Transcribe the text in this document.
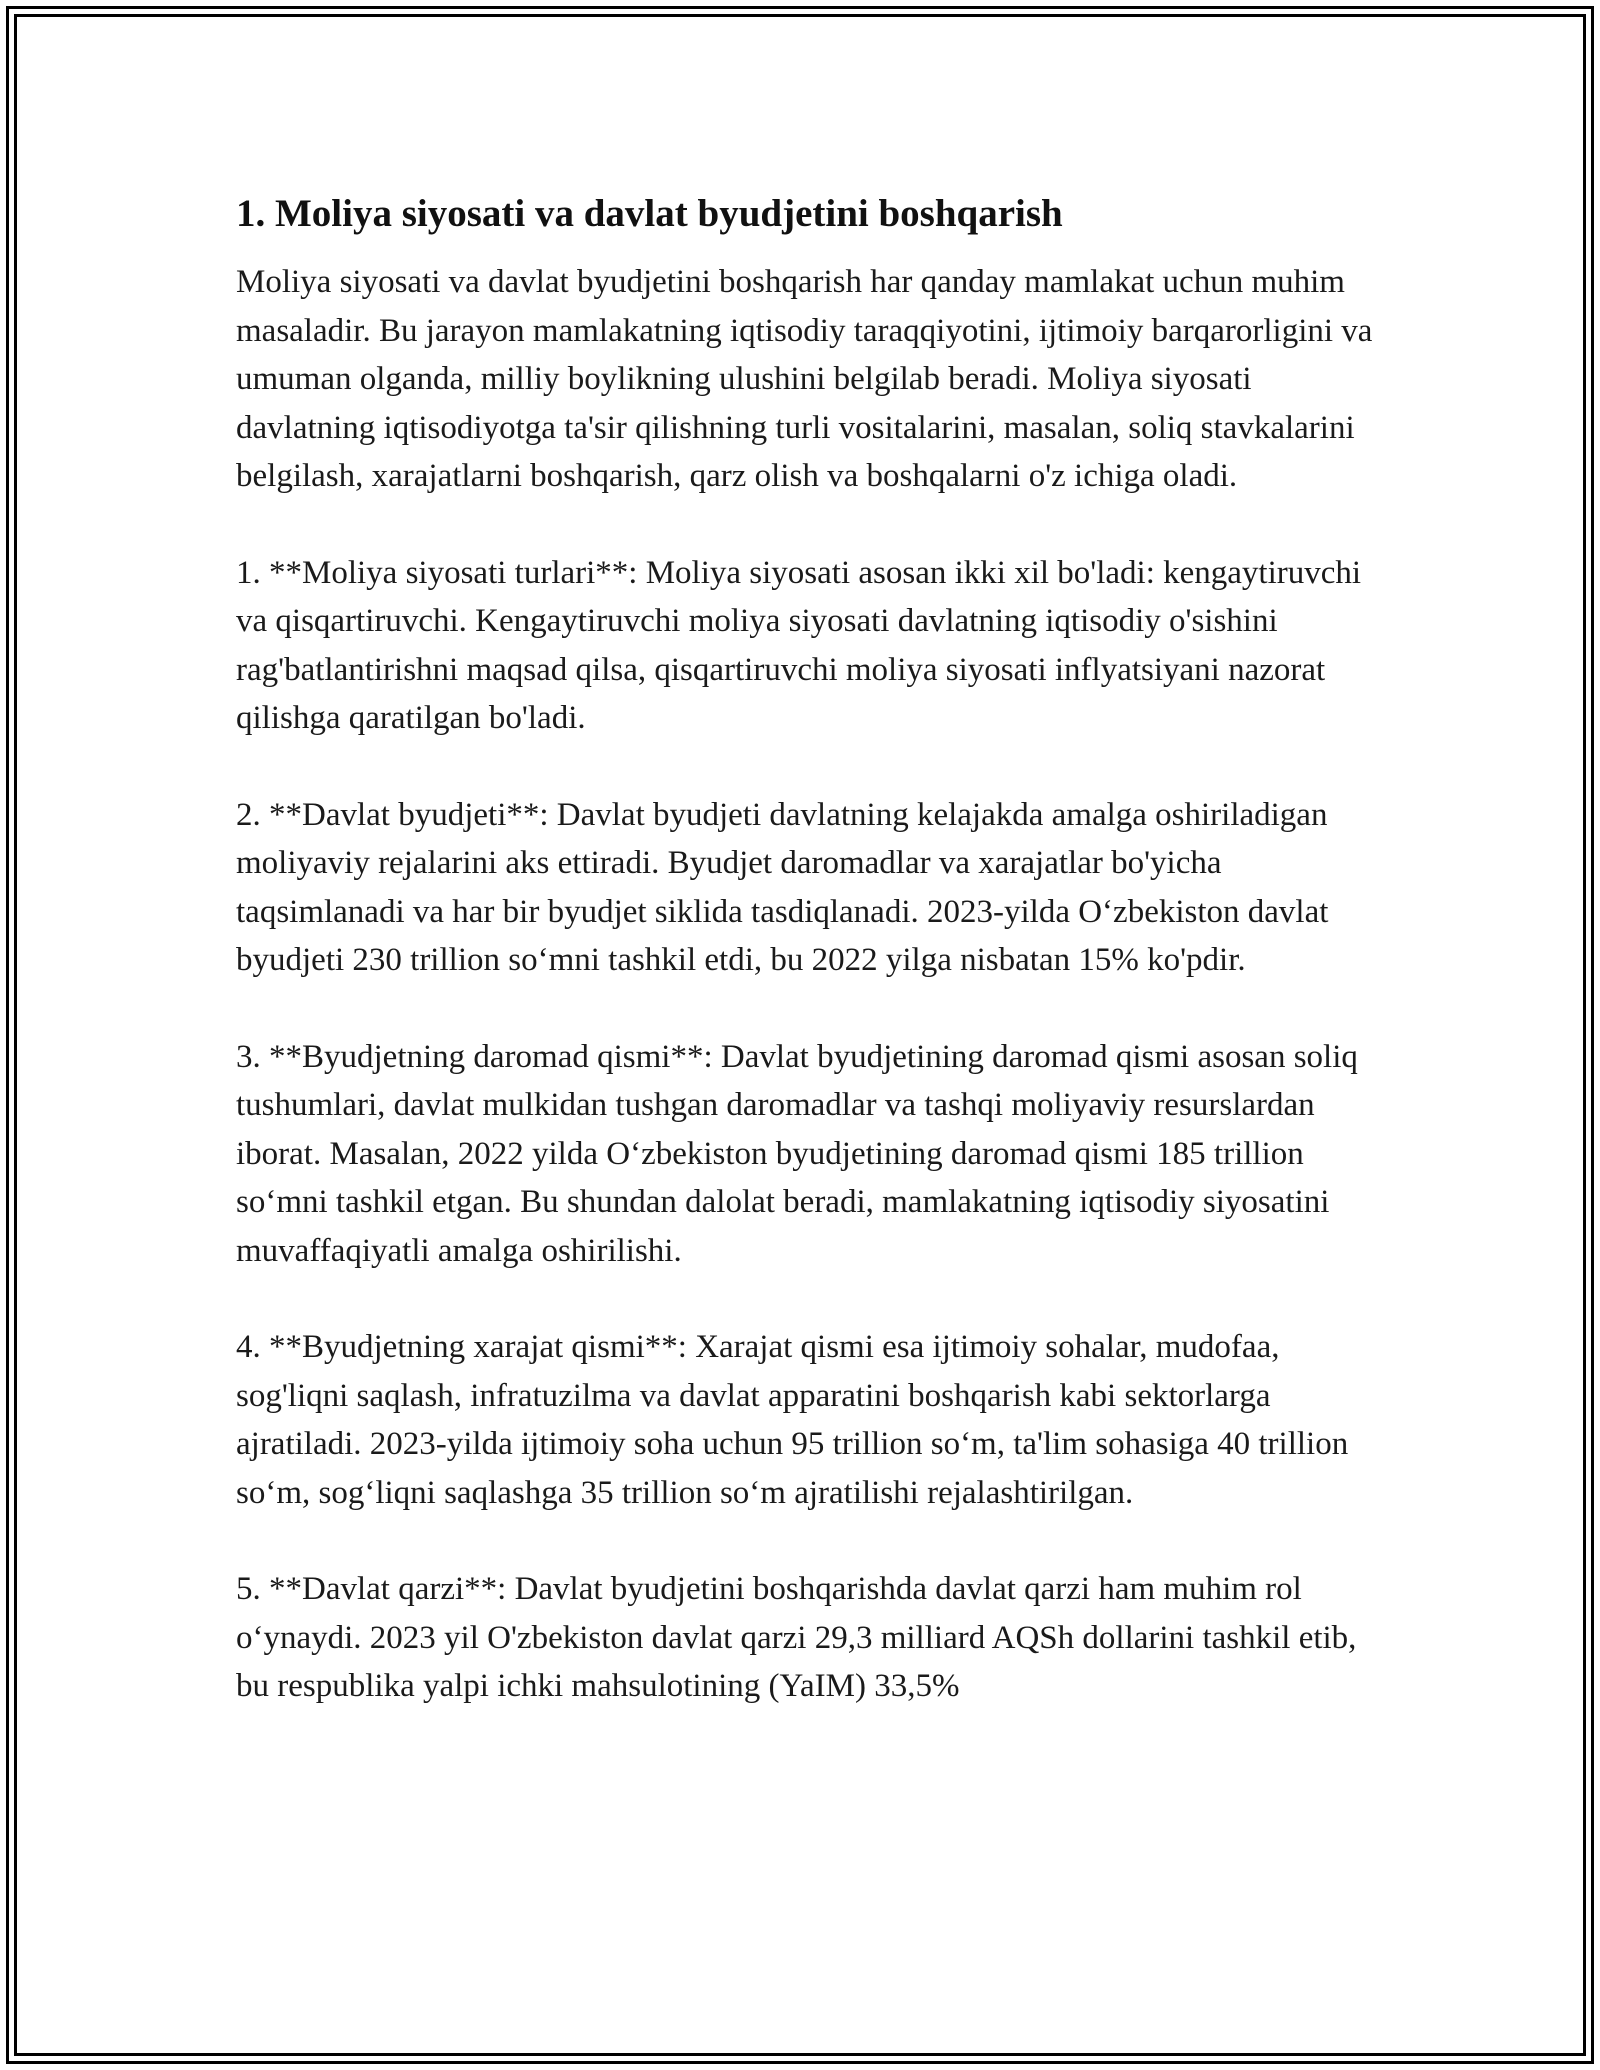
1. Moliya siyosati va davlat byudjetini boshqarish

Moliya siyosati va davlat byudjetini boshqarish har qanday mamlakat uchun muhim masaladir. Bu jarayon mamlakatning iqtisodiy taraqqiyotini, ijtimoiy barqarorligini va umuman olganda, milliy boylikning ulushini belgilab beradi. Moliya siyosati davlatning iqtisodiyotga ta'sir qilishning turli vositalarini, masalan, soliq stavkalarini belgilash, xarajatlarni boshqarish, qarz olish va boshqalarni o'z ichiga oladi.

1. **Moliya siyosati turlari**: Moliya siyosati asosan ikki xil bo'ladi: kengaytiruvchi va qisqartiruvchi. Kengaytiruvchi moliya siyosati davlatning iqtisodiy o'sishini rag'batlantirishni maqsad qilsa, qisqartiruvchi moliya siyosati inflyatsiyani nazorat qilishga qaratilgan bo'ladi.

2. **Davlat byudjeti**: Davlat byudjeti davlatning kelajakda amalga oshiriladigan moliyaviy rejalarini aks ettiradi. Byudjet daromadlar va xarajatlar bo'yicha taqsimlanadi va har bir byudjet siklida tasdiqlanadi. 2023-yilda O‘zbekiston davlat byudjeti 230 trillion so‘mni tashkil etdi, bu 2022 yilga nisbatan 15% ko'pdir.

3. **Byudjetning daromad qismi**: Davlat byudjetining daromad qismi asosan soliq tushumlari, davlat mulkidan tushgan daromadlar va tashqi moliyaviy resurslardan iborat. Masalan, 2022 yilda O‘zbekiston byudjetining daromad qismi 185 trillion so‘mni tashkil etgan. Bu shundan dalolat beradi, mamlakatning iqtisodiy siyosatini muvaffaqiyatli amalga oshirilishi.

4. **Byudjetning xarajat qismi**: Xarajat qismi esa ijtimoiy sohalar, mudofaa, sog'liqni saqlash, infratuzilma va davlat apparatini boshqarish kabi sektorlarga ajratiladi. 2023-yilda ijtimoiy soha uchun 95 trillion so‘m, ta'lim sohasiga 40 trillion so‘m, sog‘liqni saqlashga 35 trillion so‘m ajratilishi rejalashtirilgan.

5. **Davlat qarzi**: Davlat byudjetini boshqarishda davlat qarzi ham muhim rol o‘ynaydi. 2023 yil O'zbekiston davlat qarzi 29,3 milliard AQSh dollarini tashkil etib, bu respublika yalpi ichki mahsulotining (YaIM) 33,5%
